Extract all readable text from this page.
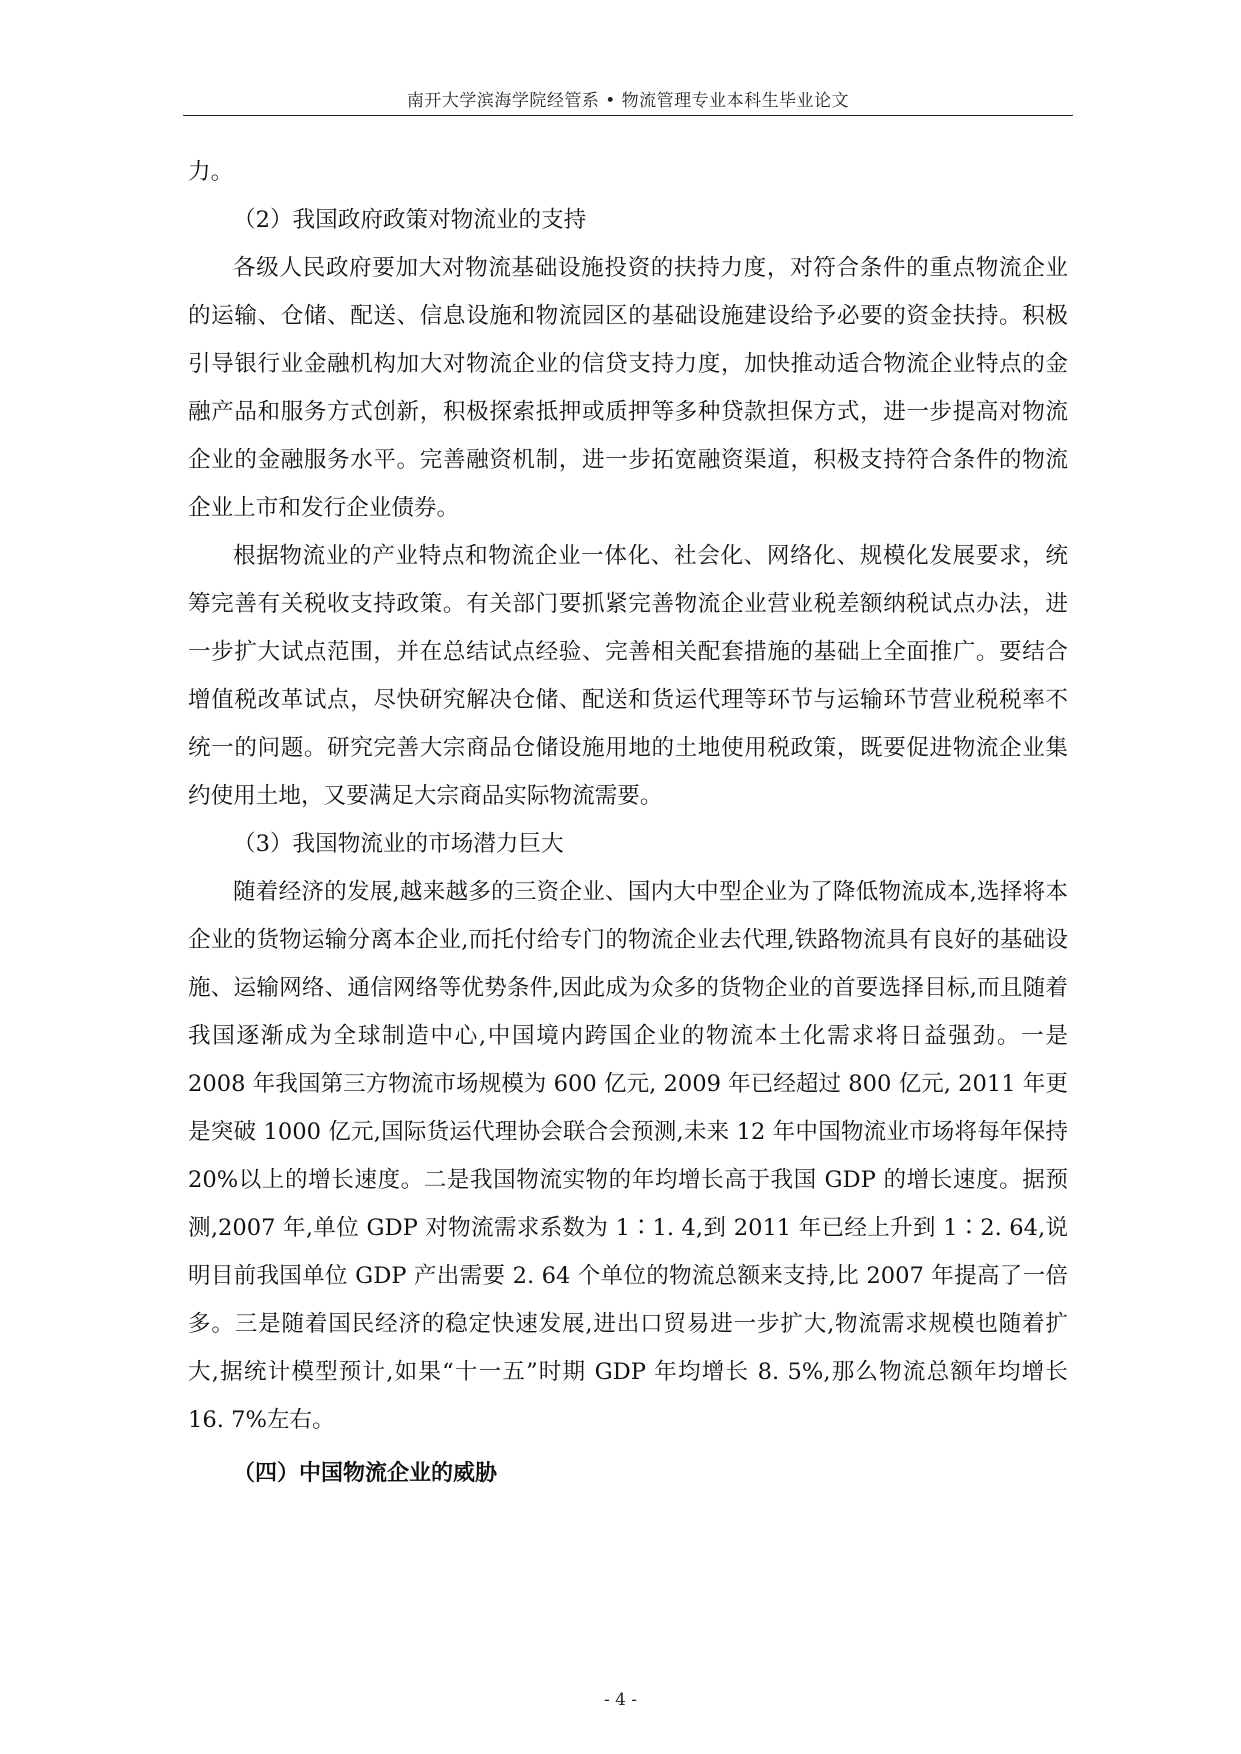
南开大学滨海学院经管系 • 物流管理专业本科生毕业论文

力。

（2）我国政府政策对物流业的支持

各级人民政府要加大对物流基础设施投资的扶持力度，对符合条件的重点物流企业的运输、仓储、配送、信息设施和物流园区的基础设施建设给予必要的资金扶持。积极引导银行业金融机构加大对物流企业的信贷支持力度，加快推动适合物流企业特点的金融产品和服务方式创新，积极探索抵押或质押等多种贷款担保方式，进一步提高对物流企业的金融服务水平。完善融资机制，进一步拓宽融资渠道，积极支持符合条件的物流企业上市和发行企业债券。

根据物流业的产业特点和物流企业一体化、社会化、网络化、规模化发展要求，统筹完善有关税收支持政策。有关部门要抓紧完善物流企业营业税差额纳税试点办法，进一步扩大试点范围，并在总结试点经验、完善相关配套措施的基础上全面推广。要结合增值税改革试点，尽快研究解决仓储、配送和货运代理等环节与运输环节营业税税率不统一的问题。研究完善大宗商品仓储设施用地的土地使用税政策，既要促进物流企业集约使用土地，又要满足大宗商品实际物流需要。

（3）我国物流业的市场潜力巨大

随着经济的发展,越来越多的三资企业、国内大中型企业为了降低物流成本,选择将本企业的货物运输分离本企业,而托付给专门的物流企业去代理,铁路物流具有良好的基础设施、运输网络、通信网络等优势条件,因此成为众多的货物企业的首要选择目标,而且随着我国逐渐成为全球制造中心,中国境内跨国企业的物流本土化需求将日益强劲。一是 2008 年我国第三方物流市场规模为 600 亿元, 2009 年已经超过 800 亿元, 2011 年更是突破 1000 亿元,国际货运代理协会联合会预测,未来 12 年中国物流业市场将每年保持 20%以上的增长速度。二是我国物流实物的年均增长高于我国 GDP 的增长速度。据预测,2007 年,单位 GDP 对物流需求系数为 1∶1. 4,到 2011 年已经上升到 1∶2. 64,说明目前我国单位 GDP 产出需要 2. 64 个单位的物流总额来支持,比 2007 年提高了一倍多。三是随着国民经济的稳定快速发展,进出口贸易进一步扩大,物流需求规模也随着扩大,据统计模型预计,如果“十一五”时期 GDP 年均增长 8. 5%,那么物流总额年均增长 16. 7%左右。

（四）中国物流企业的威胁

- 4 -
